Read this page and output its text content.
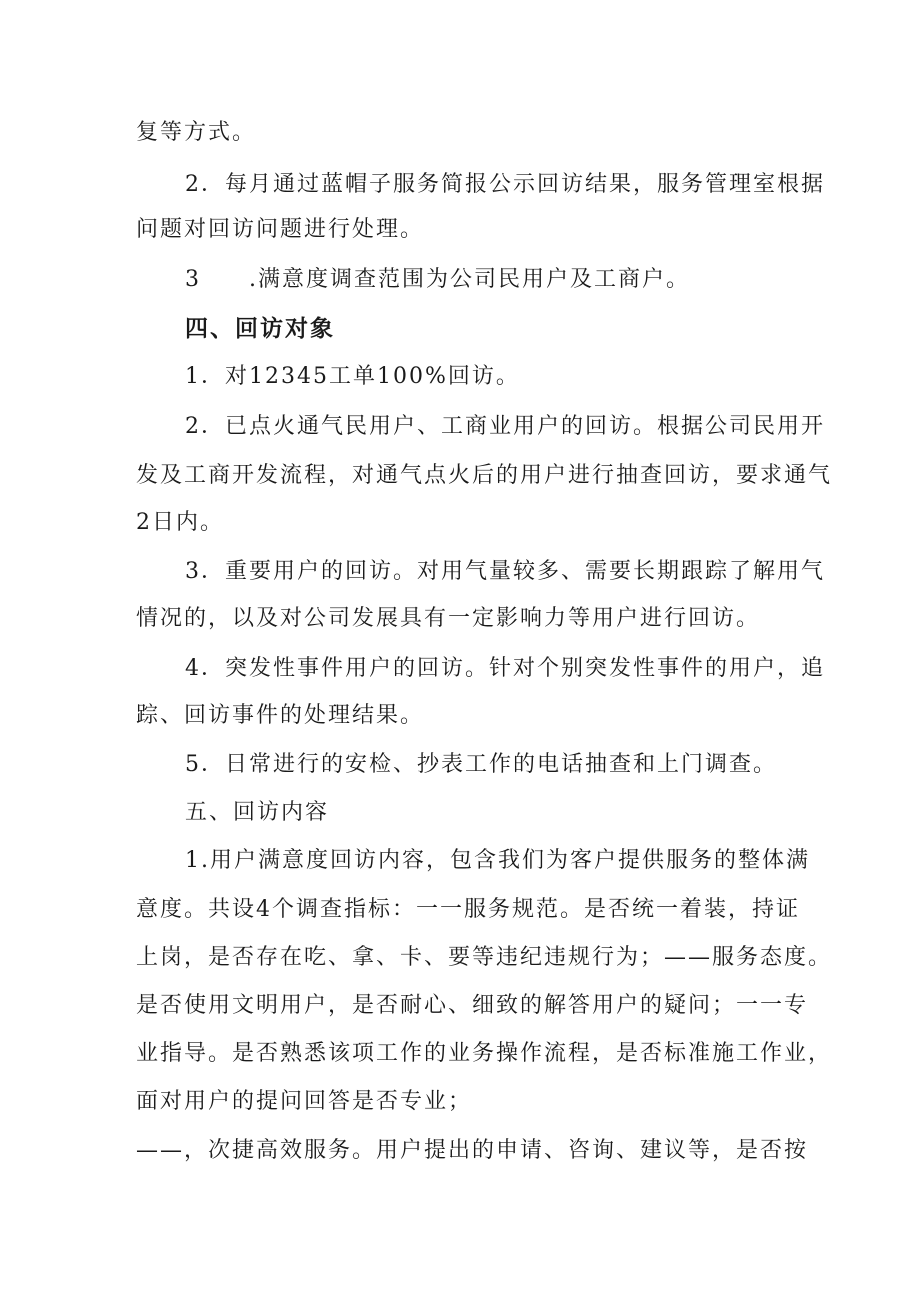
复等方式。

2．每月通过蓝帽子服务简报公示回访结果，服务管理室根据

问题对回访问题进行处理。

3　　.满意度调查范围为公司民用户及工商户。

四、回访对象

1．对12345工单100%回访。

2．已点火通气民用户、工商业用户的回访。根据公司民用开

发及工商开发流程，对通气点火后的用户进行抽查回访，要求通气

2日内。

3．重要用户的回访。对用气量较多、需要长期跟踪了解用气

情况的，以及对公司发展具有一定影响力等用户进行回访。

4．突发性事件用户的回访。针对个别突发性事件的用户，追

踪、回访事件的处理结果。

5．日常进行的安检、抄表工作的电话抽查和上门调查。

五、回访内容

1.用户满意度回访内容，包含我们为客户提供服务的整体满

意度。共设4个调查指标：一一服务规范。是否统一着装，持证

上岗，是否存在吃、拿、卡、要等违纪违规行为；——服务态度。

是否使用文明用户，是否耐心、细致的解答用户的疑问；一一专

业指导。是否熟悉该项工作的业务操作流程，是否标准施工作业，

面对用户的提问回答是否专业；

——，次捷高效服务。用户提出的申请、咨询、建议等，是否按
